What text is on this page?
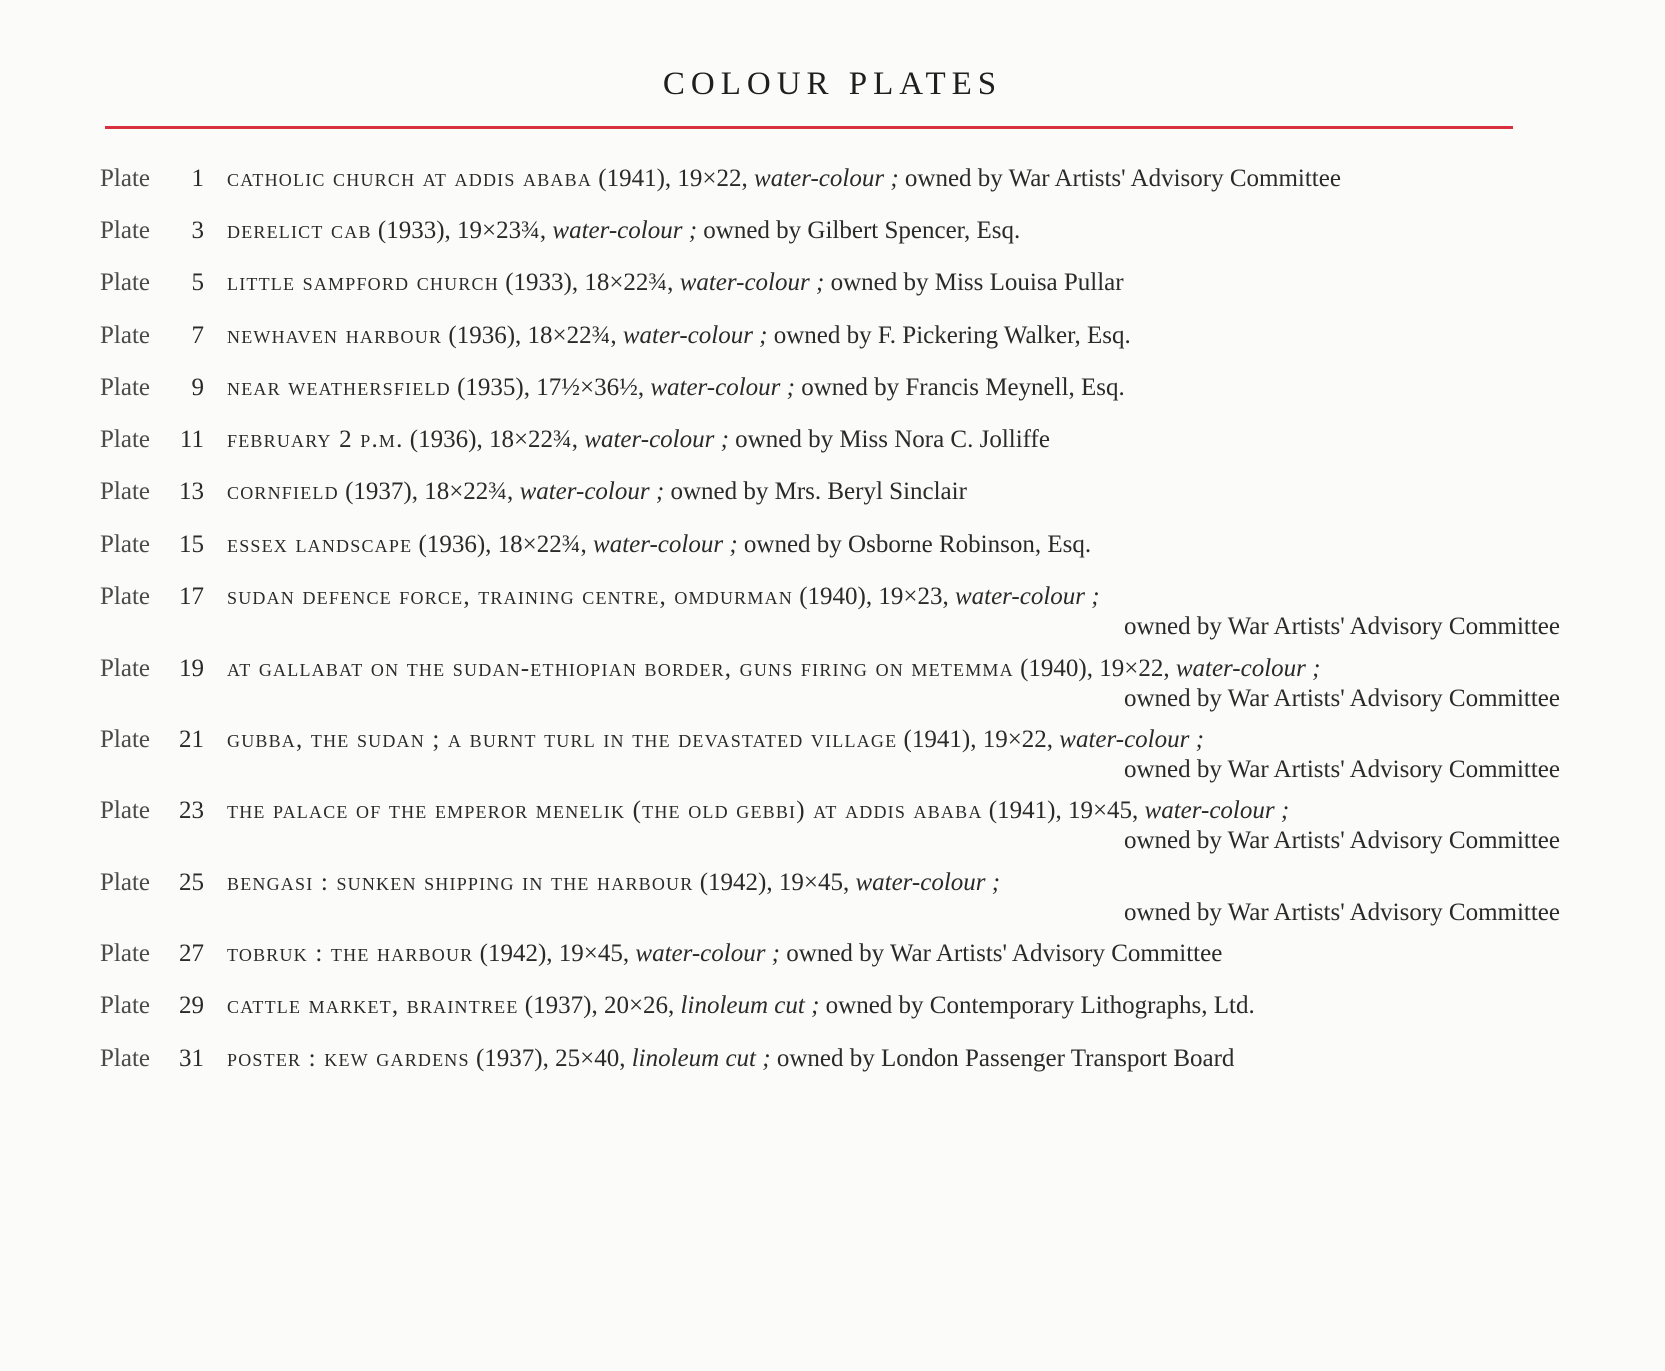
COLOUR PLATES
Plate 1 catholic church at addis ababa (1941), 19×22, water-colour ; owned by War Artists' Advisory Committee
Plate 3 derelict cab (1933), 19×23¾, water-colour ; owned by Gilbert Spencer, Esq.
Plate 5 little sampford church (1933), 18×22¾, water-colour ; owned by Miss Louisa Pullar
Plate 7 newhaven harbour (1936), 18×22¾, water-colour ; owned by F. Pickering Walker, Esq.
Plate 9 near weathersfield (1935), 17½×36½, water-colour ; owned by Francis Meynell, Esq.
Plate 11 february 2 p.m. (1936), 18×22¾, water-colour ; owned by Miss Nora C. Jolliffe
Plate 13 cornfield (1937), 18×22¾, water-colour ; owned by Mrs. Beryl Sinclair
Plate 15 essex landscape (1936), 18×22¾, water-colour ; owned by Osborne Robinson, Esq.
Plate 17 sudan defence force, training centre, omdurman (1940), 19×23, water-colour ;
owned by War Artists' Advisory Committee
Plate 19 at gallabat on the sudan-ethiopian border, guns firing on metemma (1940), 19×22, water-colour ;
owned by War Artists' Advisory Committee
Plate 21 gubba, the sudan ; a burnt turl in the devastated village (1941), 19×22, water-colour ;
owned by War Artists' Advisory Committee
Plate 23 the palace of the emperor menelik (the old gebbi) at addis ababa (1941), 19×45, water-colour ;
owned by War Artists' Advisory Committee
Plate 25 bengasi : sunken shipping in the harbour (1942), 19×45, water-colour ;
owned by War Artists' Advisory Committee
Plate 27 tobruk : the harbour (1942), 19×45, water-colour ; owned by War Artists' Advisory Committee
Plate 29 cattle market, braintree (1937), 20×26, linoleum cut ; owned by Contemporary Lithographs, Ltd.
Plate 31 poster : kew gardens (1937), 25×40, linoleum cut ; owned by London Passenger Transport Board
